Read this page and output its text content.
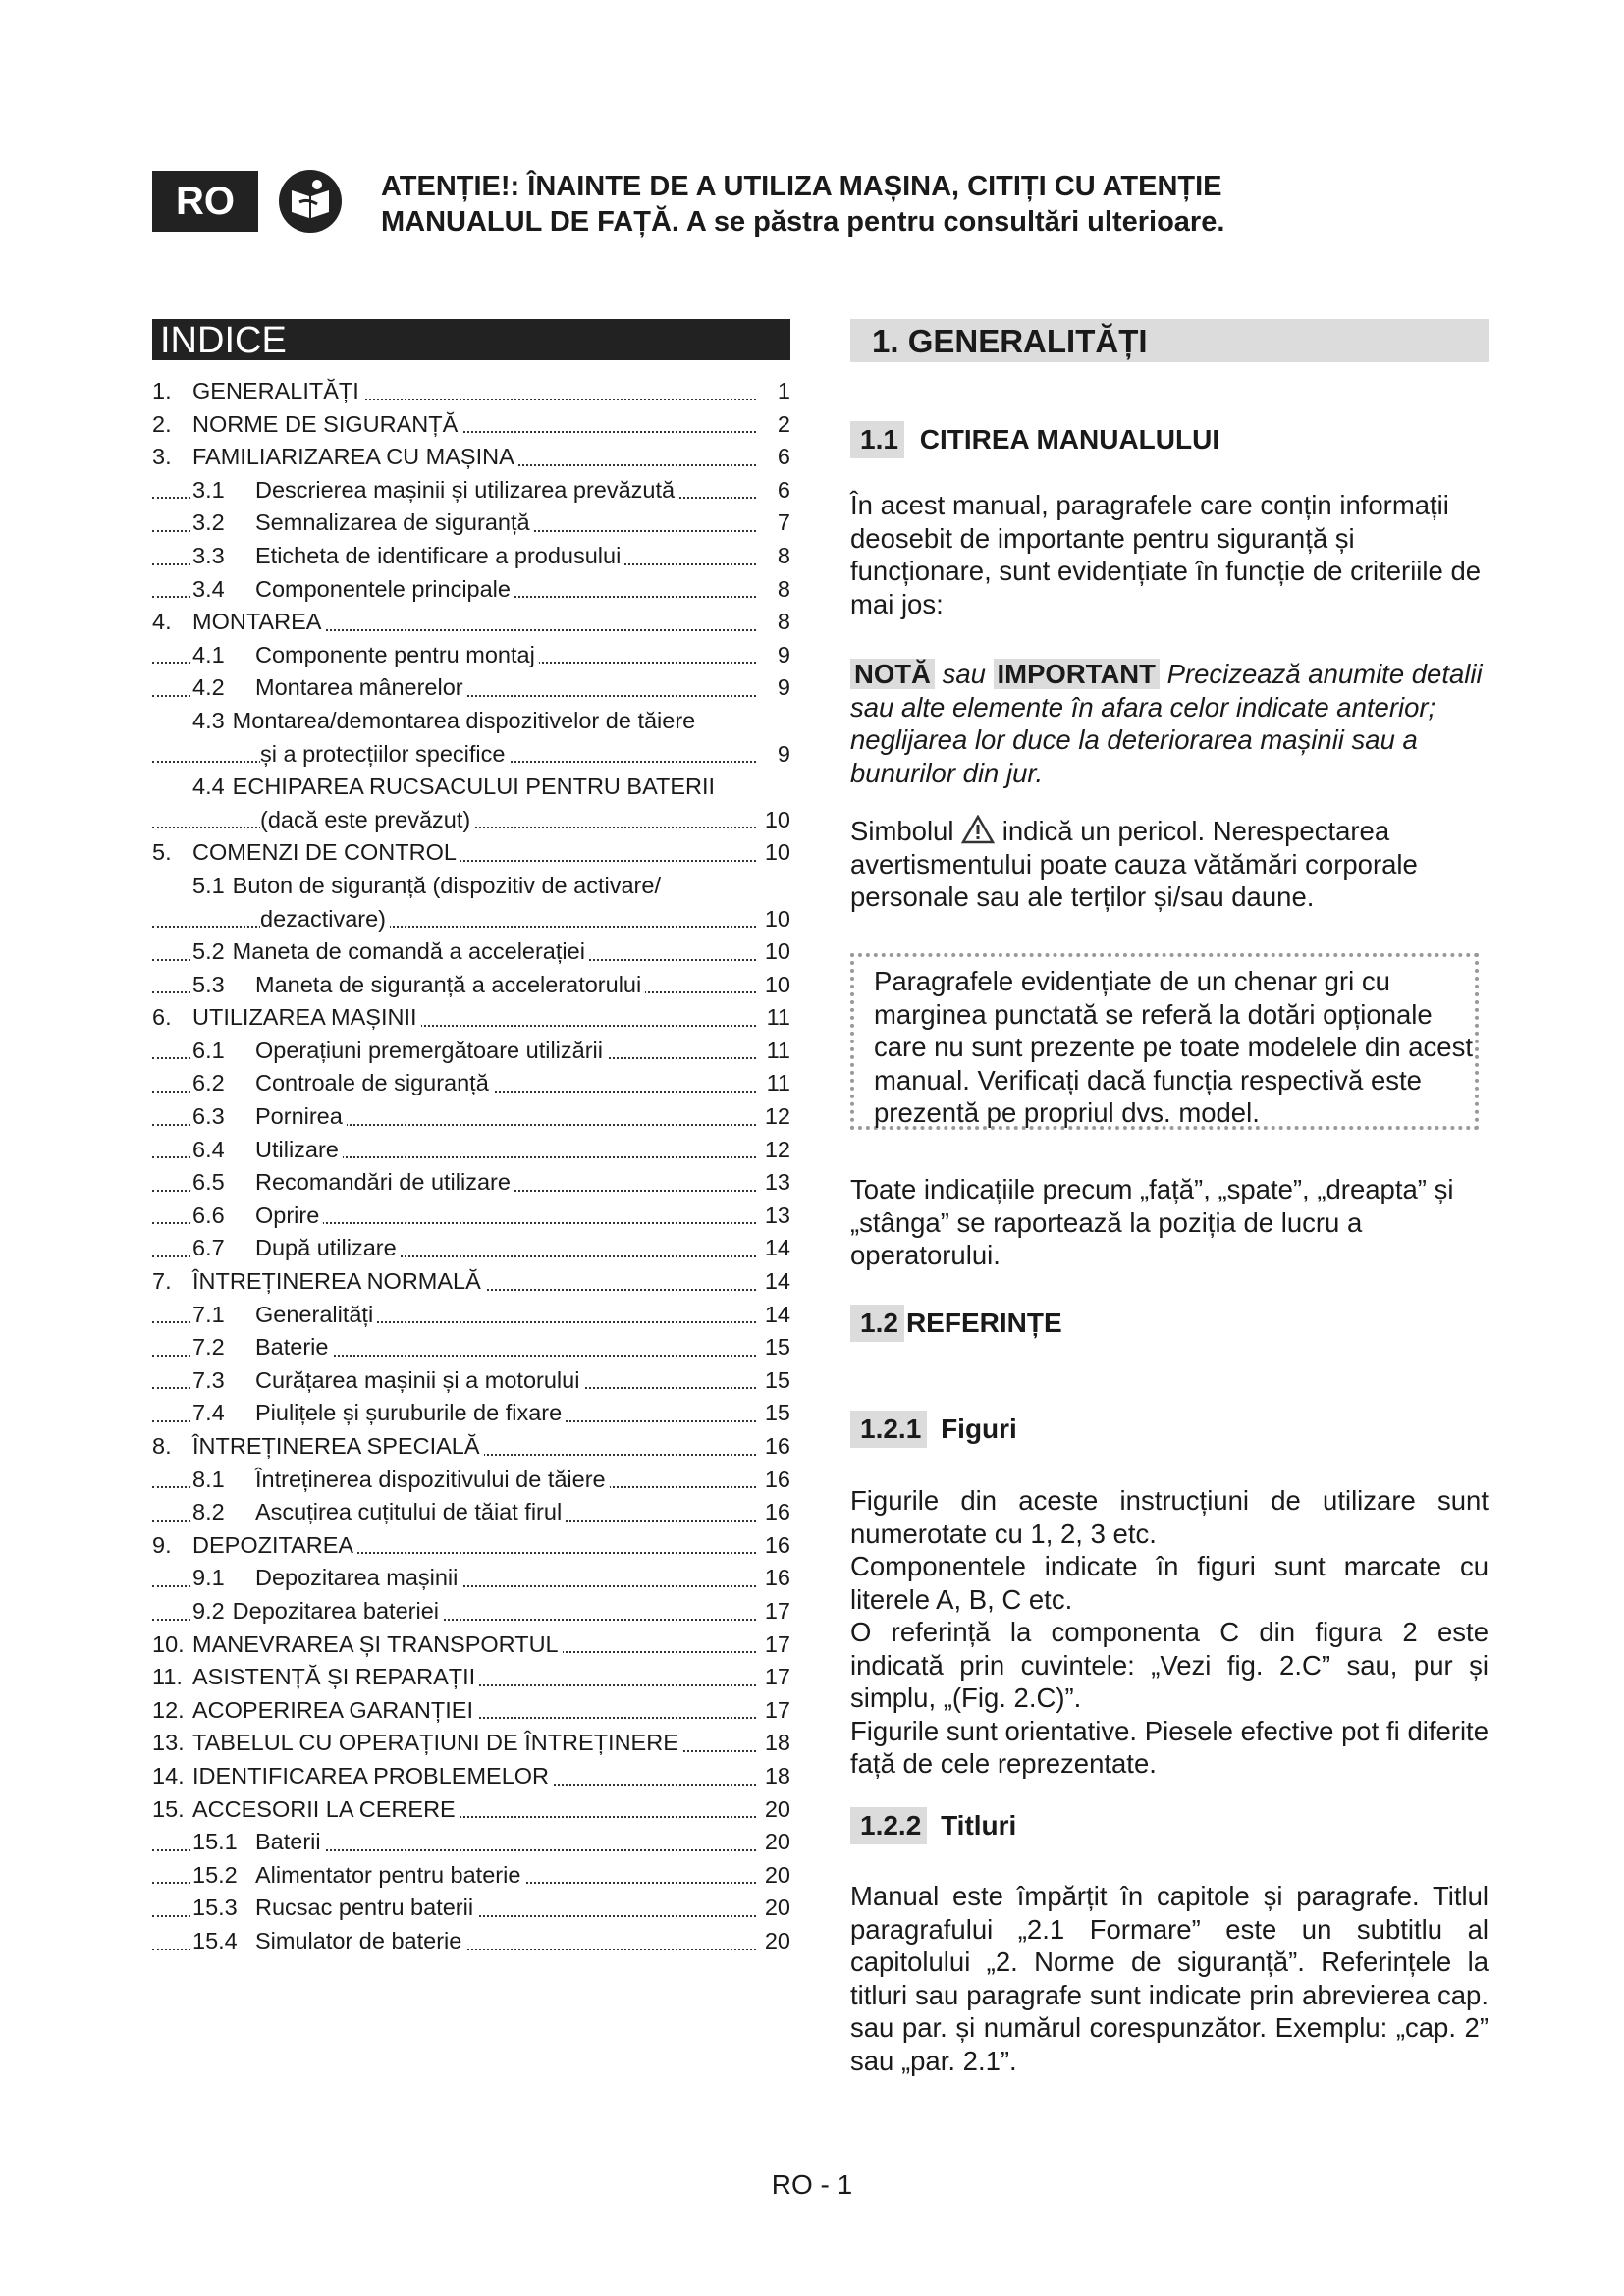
RO	ATENȚIE!: ÎNAINTE DE A UTILIZA MAȘINA, CITIȚI CU ATENȚIE
MANUALUL DE FAȚĂ. A se păstra pentru consultări ulterioare.
INDICE
1. GENERALITĂȚI	1
2. NORME DE SIGURANȚĂ	2
3. FAMILIARIZAREA CU MAȘINA	6
3.1 Descrierea mașinii și utilizarea prevăzută	6
3.2 Semnalizarea de siguranță	7
3.3 Eticheta de identificare a produsului	8
3.4 Componentele principale	8
4. MONTAREA	8
4.1 Componente pentru montaj	9
4.2 Montarea mânerelor	9
4.3 Montarea/demontarea dispozitivelor de tăiere
și a protecțiilor specifice	9
4.4 ECHIPAREA RUCSACULUI PENTRU BATERII
(dacă este prevăzut)	10
5. COMENZI DE CONTROL	10
5.1 Buton de siguranță (dispozitiv de activare/
dezactivare)	10
5.2 Maneta de comandă a accelerației	10
5.3 Maneta de siguranță a acceleratorului	10
6. UTILIZAREA MAȘINII	11
6.1 Operațiuni premergătoare utilizării	11
6.2 Controale de siguranță	11
6.3 Pornirea	12
6.4 Utilizare	12
6.5 Recomandări de utilizare	13
6.6 Oprire	13
6.7 După utilizare	14
7. ÎNTREȚINEREA NORMALĂ	14
7.1 Generalități	14
7.2 Baterie	15
7.3 Curățarea mașinii și a motorului	15
7.4 Piulițele și șuruburile de fixare	15
8. ÎNTREȚINEREA SPECIALĂ	16
8.1 Întreținerea dispozitivului de tăiere	16
8.2 Ascuțirea cuțitului de tăiat firul	16
9. DEPOZITAREA	16
9.1 Depozitarea mașinii	16
9.2 Depozitarea bateriei	17
10. MANEVRAREA ȘI TRANSPORTUL	17
11. ASISTENȚĂ ȘI REPARAȚII	17
12. ACOPERIREA GARANȚIEI	17
13. TABELUL CU OPERAȚIUNI DE ÎNTREȚINERE	18
14. IDENTIFICAREA PROBLEMELOR	18
15. ACCESORII LA CERERE	20
15.1 Baterii	20
15.2 Alimentator pentru baterie	20
15.3 Rucsac pentru baterii	20
15.4 Simulator de baterie	20
1. GENERALITĂȚI
1.1 CITIREA MANUALULUI

În acest manual, paragrafele care conțin informații deosebit de importante pentru siguranță și funcționare, sunt evidențiate în funcție de criteriile de mai jos:

NOTĂ sau IMPORTANT Precizează anumite detalii sau alte elemente în afara celor indicate anterior; neglijarea lor duce la deteriorarea mașinii sau a bunurilor din jur.

Simbolul indică un pericol. Nerespectarea avertismentului poate cauza vătămări corporale personale sau ale terților și/sau daune.

Paragrafele evidențiate de un chenar gri cu marginea punctată se referă la dotări opționale care nu sunt prezente pe toate modelele din acest manual. Verificați dacă funcția respectivă este prezentă pe propriul dvs. model.

Toate indicațiile precum „față”, „spate”, „dreapta” și „stânga” se raportează la poziția de lucru a operatorului.

1.2 REFERINȚE
1.2.1 Figuri
Figurile din aceste instrucțiuni de utilizare sunt numerotate cu 1, 2, 3 etc.
Componentele indicate în figuri sunt marcate cu literele A, B, C etc.
O referință la componenta C din figura 2 este indicată prin cuvintele: „Vezi fig. 2.C” sau, pur și simplu, „(Fig. 2.C)”.
Figurile sunt orientative. Piesele efective pot fi diferite față de cele reprezentate.
1.2.2 Titluri

Manual este împărțit în capitole și paragrafe. Titlul paragrafului „2.1 Formare” este un subtitlu al capitolului „2. Norme de siguranță”. Referințele la titluri sau paragrafe sunt indicate prin abrevierea cap. sau par. și numărul corespunzător. Exemplu: „cap. 2” sau „par. 2.1”.

RO - 1
